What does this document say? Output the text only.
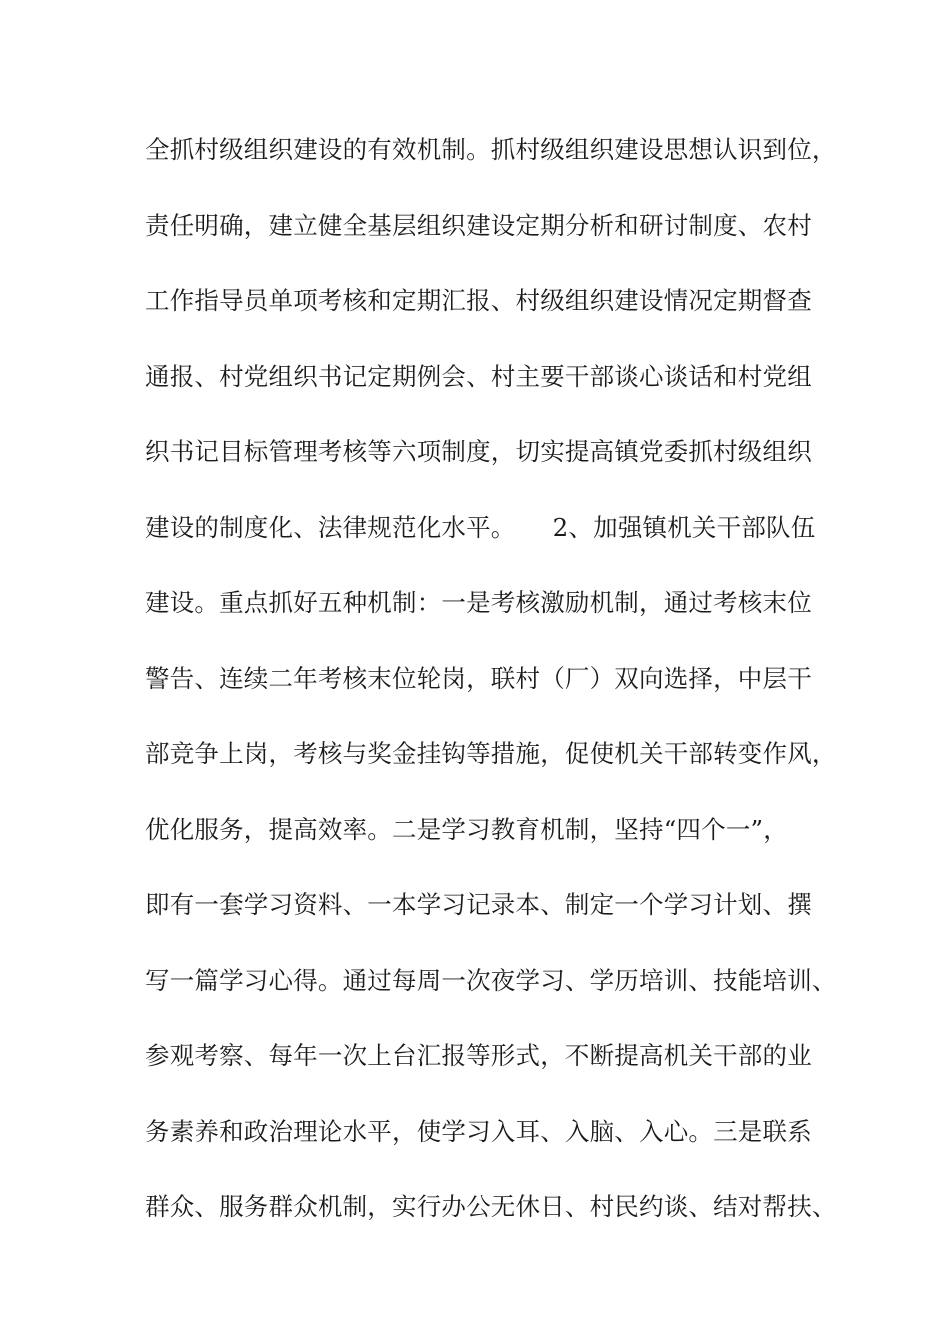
全抓村级组织建设的有效机制。抓村级组织建设思想认识到位，
责任明确，建立健全基层组织建设定期分析和研讨制度、农村
工作指导员单项考核和定期汇报、村级组织建设情况定期督查
通报、村党组织书记定期例会、村主要干部谈心谈话和村党组
织书记目标管理考核等六项制度，切实提高镇党委抓村级组织
建设的制度化、法律规范化水平。　　2、加强镇机关干部队伍
建设。重点抓好五种机制：一是考核激励机制，通过考核末位
警告、连续二年考核末位轮岗，联村（厂）双向选择，中层干
部竞争上岗，考核与奖金挂钩等措施，促使机关干部转变作风，
优化服务，提高效率。二是学习教育机制，坚持“四个一”，
即有一套学习资料、一本学习记录本、制定一个学习计划、撰
写一篇学习心得。通过每周一次夜学习、学历培训、技能培训、
参观考察、每年一次上台汇报等形式，不断提高机关干部的业
务素养和政治理论水平，使学习入耳、入脑、入心。三是联系
群众、服务群众机制，实行办公无休日、村民约谈、结对帮扶、
